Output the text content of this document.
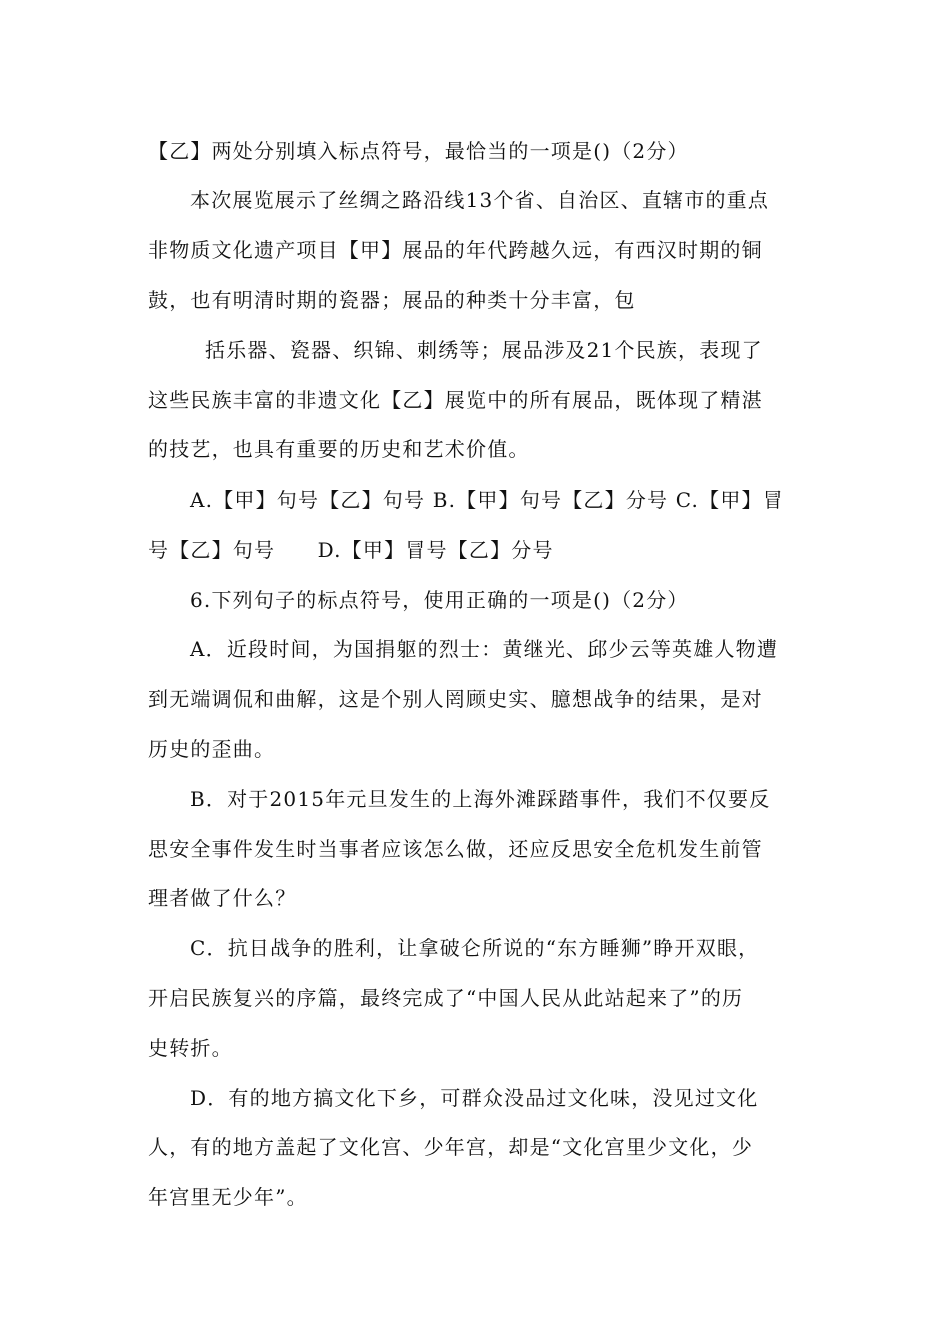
【乙】两处分别填入标点符号，最恰当的一项是()（2分）
本次展览展示了丝绸之路沿线13个省、自治区、直辖市的重点
非物质文化遗产项目【甲】展品的年代跨越久远，有西汉时期的铜
鼓，也有明清时期的瓷器；展品的种类十分丰富，包
括乐器、瓷器、织锦、刺绣等；展品涉及21个民族，表现了
这些民族丰富的非遗文化【乙】展览中的所有展品，既体现了精湛
的技艺，也具有重要的历史和艺术价值。
A.【甲】句号【乙】句号 B.【甲】句号【乙】分号 C.【甲】冒
号【乙】句号　　D.【甲】冒号【乙】分号
6.下列句子的标点符号，使用正确的一项是()（2分）
A．近段时间，为国捐躯的烈士：黄继光、邱少云等英雄人物遭
到无端调侃和曲解，这是个别人罔顾史实、臆想战争的结果，是对
历史的歪曲。
B．对于2015年元旦发生的上海外滩踩踏事件，我们不仅要反
思安全事件发生时当事者应该怎么做，还应反思安全危机发生前管
理者做了什么？
C．抗日战争的胜利，让拿破仑所说的“东方睡狮”睁开双眼，
开启民族复兴的序篇，最终完成了“中国人民从此站起来了”的历
史转折。
D．有的地方搞文化下乡，可群众没品过文化味，没见过文化
人，有的地方盖起了文化宫、少年宫，却是“文化宫里少文化，少
年宫里无少年”。
